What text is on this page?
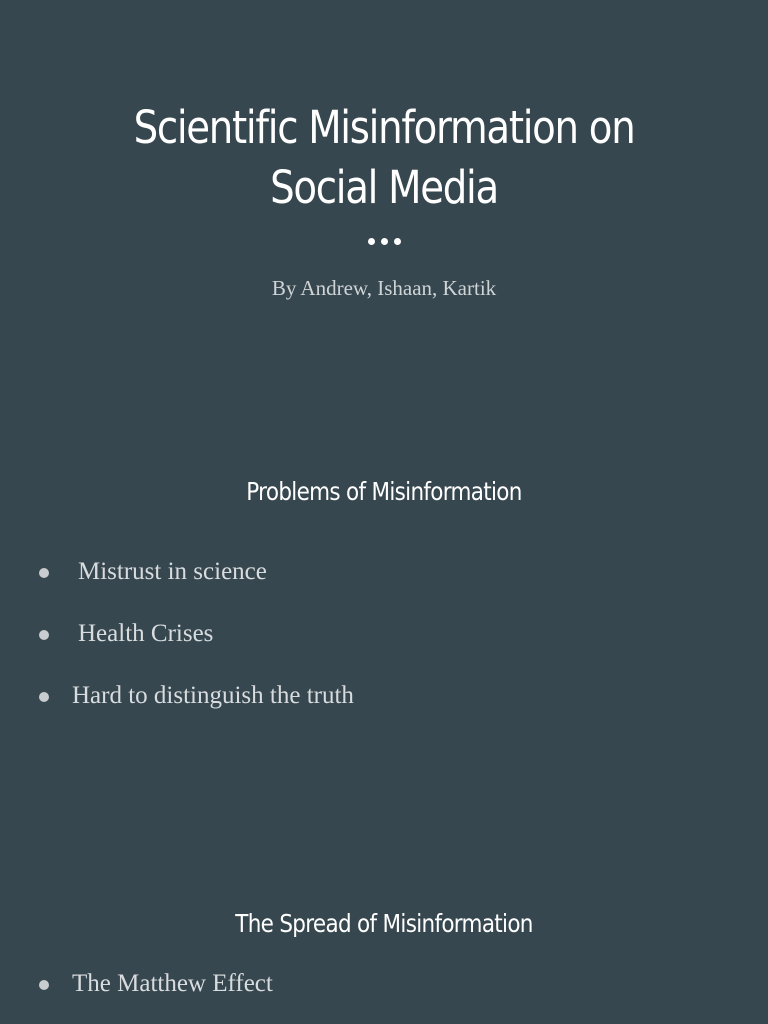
Scientific Misinformation on
Social Media
By Andrew, Ishaan, Kartik
Problems of Misinformation
Mistrust in science
Health Crises
Hard to distinguish the truth
The Spread of Misinformation
The Matthew Effect
